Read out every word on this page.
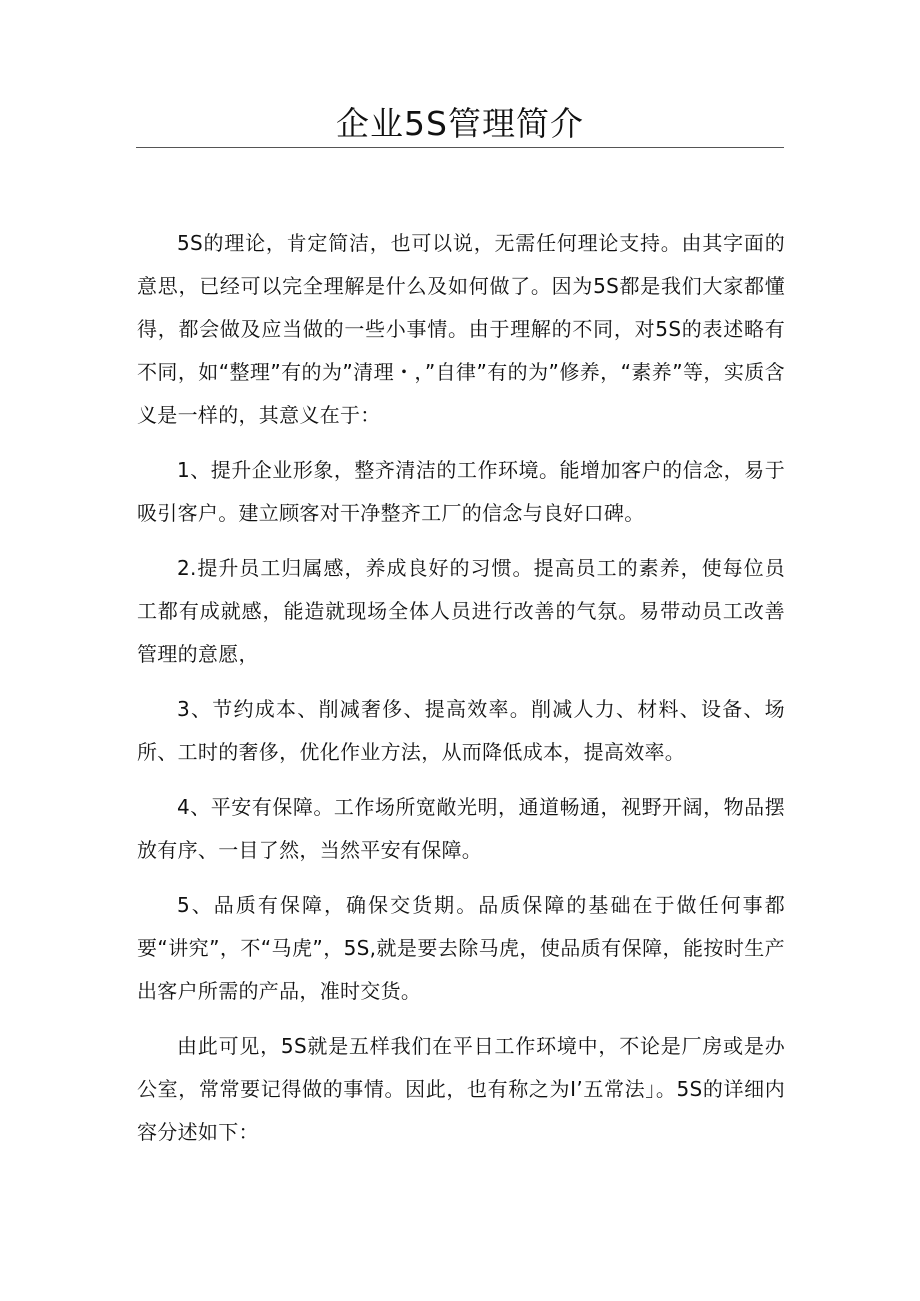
企业5S管理简介

5S的理论，肯定简洁，也可以说，无需任何理论支持。由其字面的意思，已经可以完全理解是什么及如何做了。因为5S都是我们大家都懂得，都会做及应当做的一些小事情。由于理解的不同，对5S的表述略有不同，如“整理”有的为”清理・，”自律”有的为”修养，“素养”等，实质含义是一样的，其意义在于：

1、提升企业形象，整齐清洁的工作环境。能增加客户的信念，易于吸引客户。建立顾客对干净整齐工厂的信念与良好口碑。

2.提升员工归属感，养成良好的习惯。提高员工的素养，使每位员工都有成就感，能造就现场全体人员进行改善的气氛。易带动员工改善管理的意愿，

3、节约成本、削减奢侈、提高效率。削减人力、材料、设备、场所、工时的奢侈，优化作业方法，从而降低成本，提高效率。

4、平安有保障。工作场所宽敞光明，通道畅通，视野开阔，物品摆放有序、一目了然，当然平安有保障。

5、品质有保障，确保交货期。品质保障的基础在于做任何事都要“讲究”，不“马虎”，5S,就是要去除马虎，使品质有保障，能按时生产出客户所需的产品，准时交货。

由此可见，5S就是五样我们在平日工作环境中，不论是厂房或是办公室，常常要记得做的事情。因此，也有称之为I’五常法」。5S的详细内容分述如下：
